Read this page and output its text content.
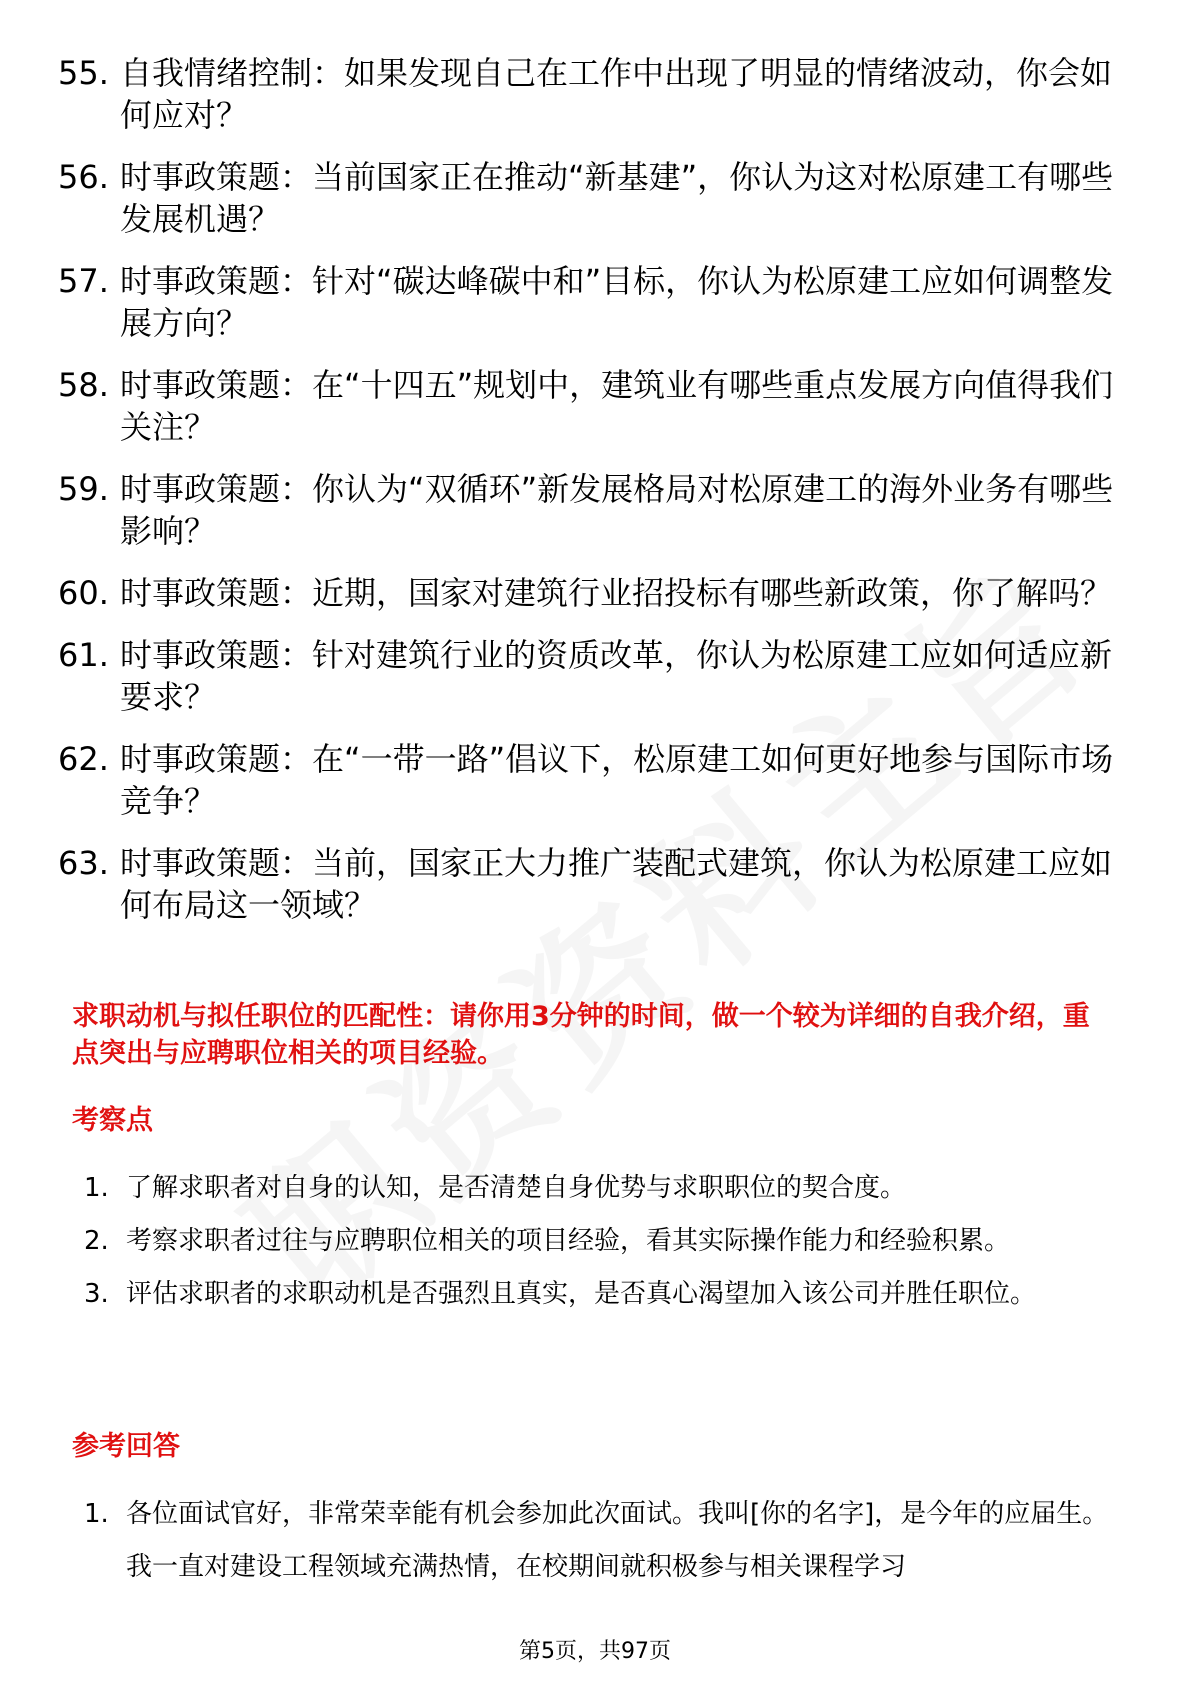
55. 自我情绪控制：如果发现自己在工作中出现了明显的情绪波动，你会如何应对？
56. 时事政策题：当前国家正在推动“新基建”，你认为这对松原建工有哪些发展机遇？
57. 时事政策题：针对“碳达峰碳中和”目标，你认为松原建工应如何调整发展方向？
58. 时事政策题：在“十四五”规划中，建筑业有哪些重点发展方向值得我们关注？
59. 时事政策题：你认为“双循环”新发展格局对松原建工的海外业务有哪些影响？
60. 时事政策题：近期，国家对建筑行业招投标有哪些新政策，你了解吗？
61. 时事政策题：针对建筑行业的资质改革，你认为松原建工应如何适应新要求？
62. 时事政策题：在“一带一路”倡议下，松原建工如何更好地参与国际市场竞争？
63. 时事政策题：当前，国家正大力推广装配式建筑，你认为松原建工应如何布局这一领域？
求职动机与拟任职位的匹配性：请你用3分钟的时间，做一个较为详细的自我介绍，重点突出与应聘职位相关的项目经验。
考察点
1. 了解求职者对自身的认知，是否清楚自身优势与求职职位的契合度。
2. 考察求职者过往与应聘职位相关的项目经验，看其实际操作能力和经验积累。
3. 评估求职者的求职动机是否强烈且真实，是否真心渴望加入该公司并胜任职位。
参考回答
1. 各位面试官好，非常荣幸能有机会参加此次面试。我叫[你的名字]，是今年的应届生。我一直对建设工程领域充满热情，在校期间就积极参与相关课程学习
第5页，共97页
